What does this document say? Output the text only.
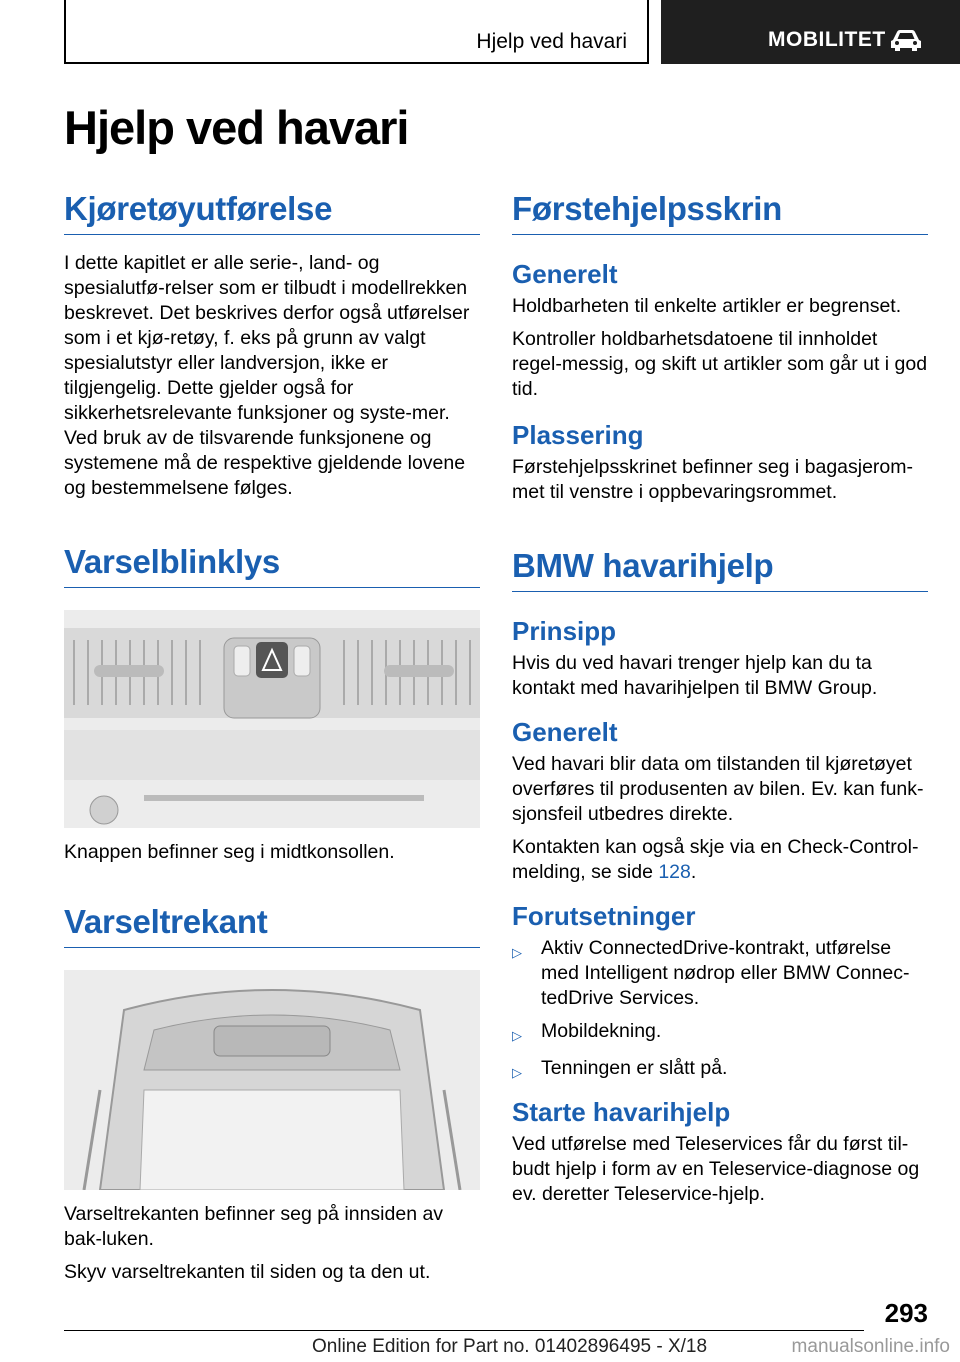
Hjelp ved havari	MOBILITET
Hjelp ved havari
Kjøretøyutførelse

I dette kapitlet er alle serie-, land- og spesialutfø-relser som er tilbudt i modellrekken beskrevet. Det beskrives derfor også utførelser som i et kjø-retøy, f. eks på grunn av valgt spesialutstyr eller landversjon, ikke er tilgjengelig. Dette gjelder også for sikkerhetsrelevante funksjoner og syste-mer. Ved bruk av de tilsvarende funksjonene og systemene må de respektive gjeldende lovene og bestemmelsene følges.

Varselblinklys

Knappen befinner seg i midtkonsollen.

Varseltrekant

Varseltrekanten befinner seg på innsiden av bak-luken.

Skyv varseltrekanten til siden og ta den ut.

Førstehjelpsskrin
Generelt

Holdbarheten til enkelte artikler er begrenset.

Kontroller holdbarhetsdatoene til innholdet regel-messig, og skift ut artikler som går ut i god tid.

Plassering

Førstehjelpsskrinet befinner seg i bagasjerom-met til venstre i oppbevaringsrommet.

BMW havarihjelp
Prinsipp

Hvis du ved havari trenger hjelp kan du ta kontakt med havarihjelpen til BMW Group.

Generelt

Ved havari blir data om tilstanden til kjøretøyet overføres til produsenten av bilen. Ev. kan funk-sjonsfeil utbedres direkte.

Kontakten kan også skje via en Check-Control-melding, se side 128.

Forutsetninger
▷ Aktiv ConnectedDrive-kontrakt, utførelse med Intelligent nødrop eller BMW Connec-tedDrive Services.
▷ Mobildekning.
▷ Tenningen er slått på.
Starte havarihjelp

Ved utførelse med Teleservices får du først til-budt hjelp i form av en Teleservice-diagnose og ev. deretter Teleservice-hjelp.

293
Online Edition for Part no. 01402896495 - X/18	manualsonline.info
